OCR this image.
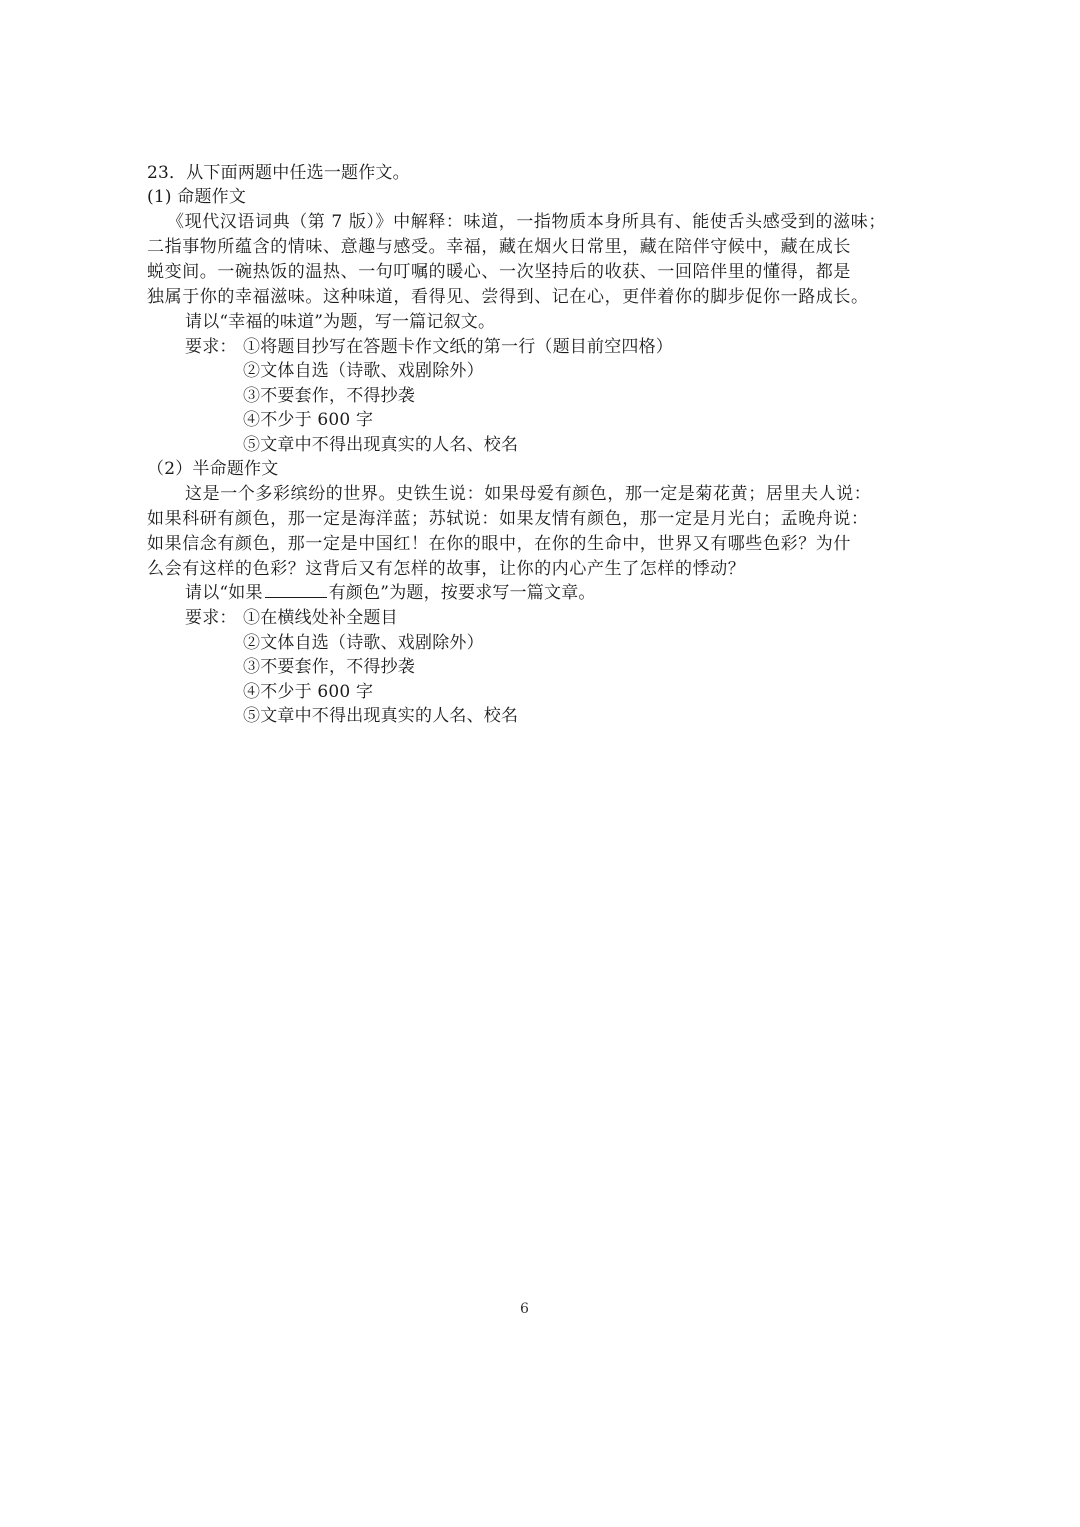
23．从下面两题中任选一题作文。
(1) 命题作文
《现代汉语词典（第 7 版）》中解释：味道，一指物质本身所具有、能使舌头感受到的滋味；
二指事物所蕴含的情味、意趣与感受。幸福，藏在烟火日常里，藏在陪伴守候中，藏在成长
蜕变间。一碗热饭的温热、一句叮嘱的暖心、一次坚持后的收获、一回陪伴里的懂得，都是
独属于你的幸福滋味。这种味道，看得见、尝得到、记在心，更伴着你的脚步促你一路成长。
请以“幸福的味道”为题，写一篇记叙文。
要求： ①将题目抄写在答题卡作文纸的第一行（题目前空四格）
②文体自选（诗歌、戏剧除外）
③不要套作，不得抄袭
④不少于 600 字
⑤文章中不得出现真实的人名、校名
（2）半命题作文
这是一个多彩缤纷的世界。史铁生说：如果母爱有颜色，那一定是菊花黄；居里夫人说：
如果科研有颜色，那一定是海洋蓝；苏轼说：如果友情有颜色，那一定是月光白；孟晚舟说：
如果信念有颜色，那一定是中国红！在你的眼中，在你的生命中，世界又有哪些色彩？为什
么会有这样的色彩？这背后又有怎样的故事，让你的内心产生了怎样的悸动？
请以“如果	有颜色”为题，按要求写一篇文章。
要求： ①在横线处补全题目
②文体自选（诗歌、戏剧除外）
③不要套作，不得抄袭
④不少于 600 字
⑤文章中不得出现真实的人名、校名
6
